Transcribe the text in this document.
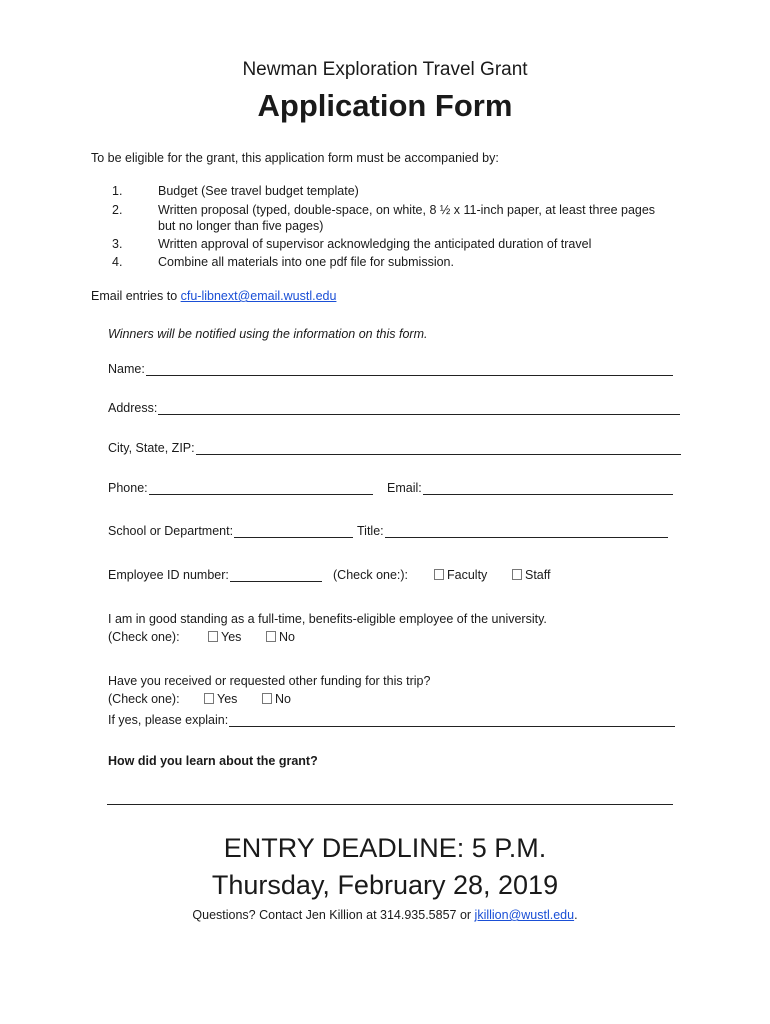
Newman Exploration Travel Grant
Application Form
To be eligible for the grant, this application form must be accompanied by:
1.	Budget (See travel budget template)
2.	Written proposal (typed, double-space, on white, 8 ½ x 11-inch paper, at least three pages
but no longer than five pages)
3.	Written approval of supervisor acknowledging the anticipated duration of travel
4.	Combine all materials into one pdf file for submission.
Email entries to cfu-libnext@email.wustl.edu
Winners will be notified using the information on this form.
Name:
Address:
City, State, ZIP:
Phone:	Email:
School or Department:	Title:
Employee ID number:	(Check one:):	Faculty	Staff
I am in good standing as a full-time, benefits-eligible employee of the university.
(Check one):	Yes	No
Have you received or requested other funding for this trip?
(Check one):	Yes	No
If yes, please explain:
How did you learn about the grant?
ENTRY DEADLINE: 5 P.M.
Thursday, February 28, 2019
Questions? Contact Jen Killion at 314.935.5857 or jkillion@wustl.edu.
